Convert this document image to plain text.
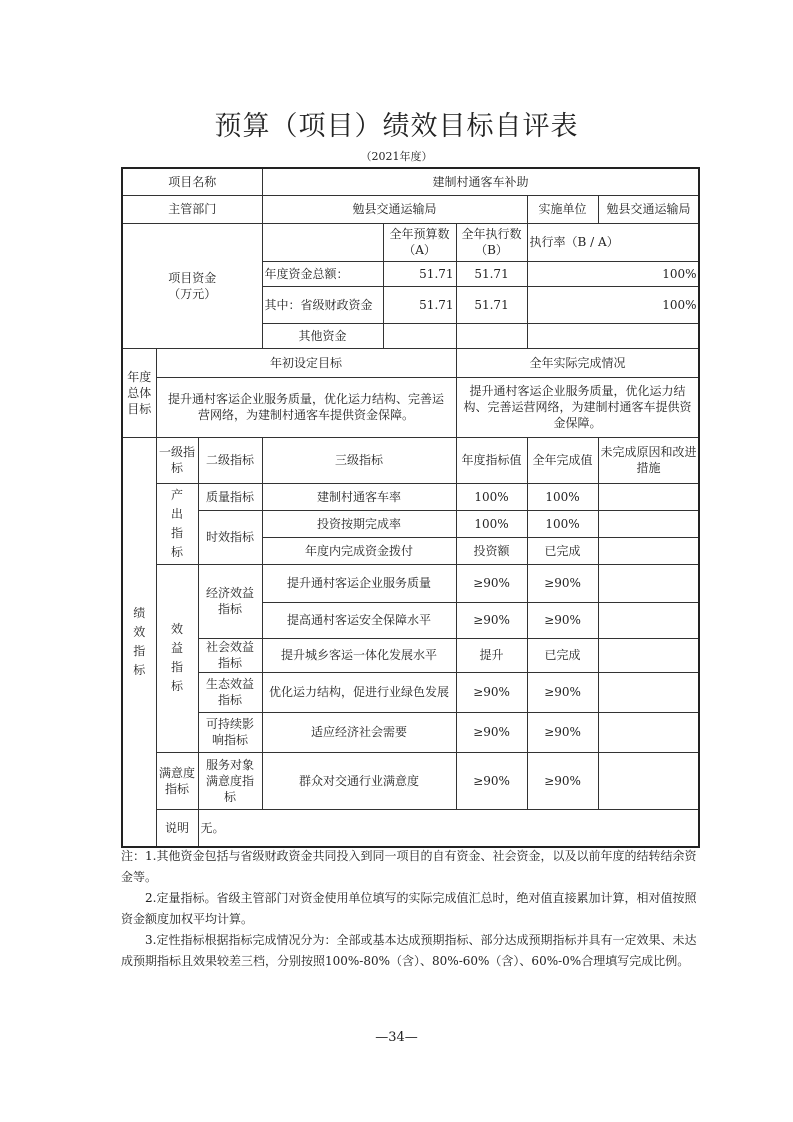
预算（项目）绩效目标自评表
（2021年度）
项目名称			建制村通客车补助				
主管部门			勉县交通运输局			实施单位	勉县交通运输局

项目资金
（万元）				全年预算数（A）	全年执行数（B）	执行率（B / A）	
			年度资金总额：	51.71	51.71	100%	
			其中：省级财政资金	51.71	51.71	100%	
			其他资金				
年度总体目标	年初设定目标				全年实际完成情况		
	提升通村客运企业服务质量，优化运力结构、完善运营网络，为建制村通客车提供资金保障。				提升通村客运企业服务质量，优化运力结构、完善运营网络，为建制村通客车提供资金保障。		
绩效指标	一级指标	二级指标	三级指标		年度指标值	全年完成值	未完成原因和改进措施
	产出指标	质量指标	建制村通客车率		100%	100%	
		时效指标	投资按期完成率		100%	100%	
			年度内完成资金拨付		投资额	已完成	
	效益指标	经济效益指标	提升通村客运企业服务质量		≥90%	≥90%	
			提高通村客运安全保障水平		≥90%	≥90%	
		社会效益指标	提升城乡客运一体化发展水平		提升	已完成	
		生态效益指标	优化运力结构，促进行业绿色发展		≥90%	≥90%	
		可持续影响指标	适应经济社会需要		≥90%	≥90%	
	满意度指标	服务对象满意度指标	群众对交通行业满意度		≥90%	≥90%	
	说明	无。					

注：1.其他资金包括与省级财政资金共同投入到同一项目的自有资金、社会资金，以及以前年度的结转结余资金等。

2.定量指标。省级主管部门对资金使用单位填写的实际完成值汇总时，绝对值直接累加计算，相对值按照资金额度加权平均计算。

3.定性指标根据指标完成情况分为：全部或基本达成预期指标、部分达成预期指标并具有一定效果、未达成预期指标且效果较差三档，分别按照100%-80%（含）、80%-60%（含）、60%-0%合理填写完成比例。

—34—
